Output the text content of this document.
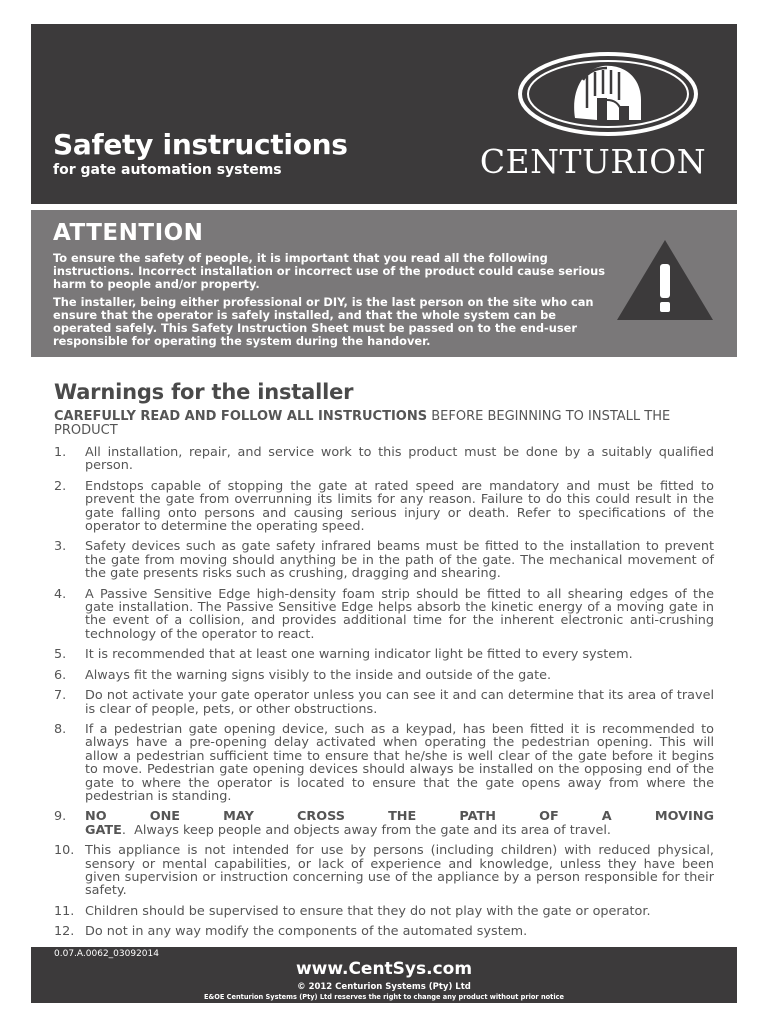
Safety instructions
for gate automation systems	CENTURION
ATTENTION

To ensure the safety of people, it is important that you read all the following instructions. Incorrect installation or incorrect use of the product could cause serious harm to people and/or property.

The installer, being either professional or DIY, is the last person on the site who can ensure that the operator is safely installed, and that the whole system can be operated safely. This Safety Instruction Sheet must be passed on to the end-user responsible for operating the system during the handover.

Warnings for the installer
CAREFULLY READ AND FOLLOW ALL INSTRUCTIONS BEFORE BEGINNING TO INSTALL THE PRODUCT
1. All installation, repair, and service work to this product must be done by a suitably qualified person.
2. Endstops capable of stopping the gate at rated speed are mandatory and must be fitted to prevent the gate from overrunning its limits for any reason. Failure to do this could result in the gate falling onto persons and causing serious injury or death. Refer to specifications of the operator to determine the operating speed.
3. Safety devices such as gate safety infrared beams must be fitted to the installation to prevent the gate from moving should anything be in the path of the gate. The mechanical movement of the gate presents risks such as crushing, dragging and shearing.
4. A Passive Sensitive Edge high-density foam strip should be fitted to all shearing edges of the gate installation. The Passive Sensitive Edge helps absorb the kinetic energy of a moving gate in the event of a collision, and provides additional time for the inherent electronic anti-crushing technology of the operator to react.
5. It is recommended that at least one warning indicator light be fitted to every system.
6. Always fit the warning signs visibly to the inside and outside of the gate.
7. Do not activate your gate operator unless you can see it and can determine that its area of travel is clear of people, pets, or other obstructions.
8. If a pedestrian gate opening device, such as a keypad, has been fitted it is recommended to always have a pre-opening delay activated when operating the pedestrian opening. This will allow a pedestrian sufficient time to ensure that he/she is well clear of the gate before it begins to move. Pedestrian gate opening devices should always be installed on the opposing end of the gate to where the operator is located to ensure that the gate opens away from where the pedestrian is standing.
9. NO ONE MAY CROSS THE PATH OF A MOVING GATE.  Always keep people and objects away from the gate and its area of travel.
10. This appliance is not intended for use by persons (including children) with reduced physical, sensory or mental capabilities, or lack of experience and knowledge, unless they have been given supervision or instruction concerning use of the appliance by a person responsible for their safety.
11. Children should be supervised to ensure that they do not play with the gate or operator.
12. Do not in any way modify the components of the automated system.
www.CentSys.com
© 2012 Centurion Systems (Pty) Ltd
E&OE Centurion Systems (Pty) Ltd reserves the right to change any product without prior notice
0.07.A.0062_03092014
